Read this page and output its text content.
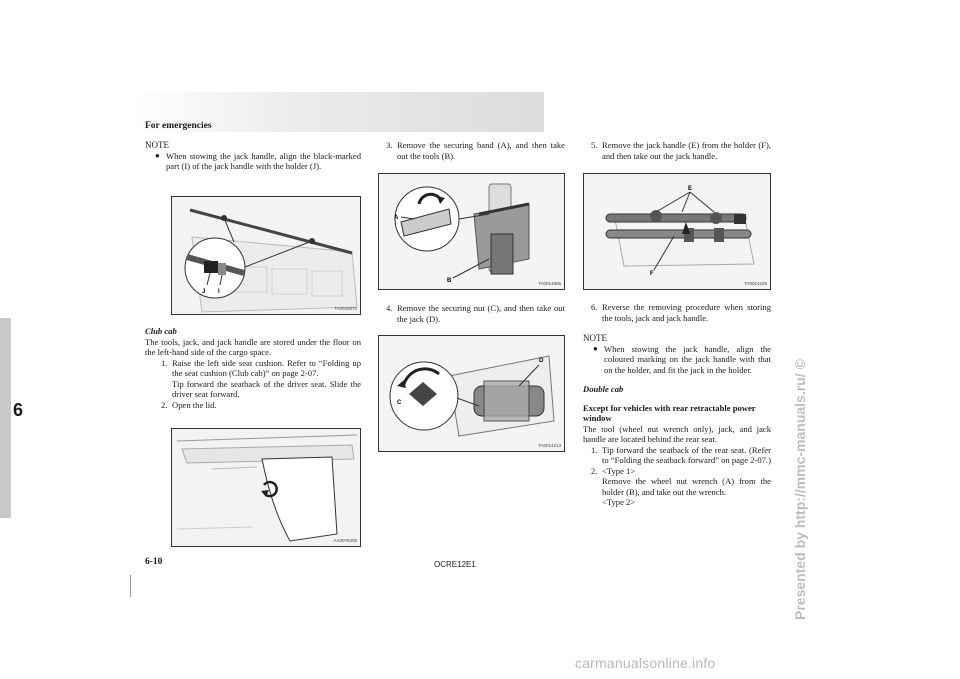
For emergencies
6	Presented by http://mmc-manuals.ru/ ©

NOTE

● When stowing the jack handle, align the black-marked part (I) of the jack handle with the holder (J).
J I
TA0020670

Club cab

The tools, jack, and jack handle are stored under the floor on the left-hand side of the cargo space.

1. Raise the left side seat cushion. Refer to “Folding up the seat cushion (Club cab)” on page 2-07.

Tip forward the seatback of the driver seat. Slide the driver seat forward.

2. Open the lid.
AA0076405
3. Remove the securing band (A), and then take out the tools (B).
A
B	TA0014806
4. Remove the securing nut (C), and then take out the jack (D).
C
D
TA0014213
5. Remove the jack handle (E) from the holder (F), and then take out the jack handle.
E
F
TA0014226
6. Reverse the removing procedure when storing the tools, jack and jack handle.

NOTE

● When stowing the jack handle, align the coloured marking on the jack handle with that on the holder, and fit the jack in the holder.

Double cab

Except for vehicles with rear retractable power window

The tool (wheel nut wrench only), jack, and jack handle are located behind the rear seat.

1. Tip forward the seatback of the rear seat. (Refer to “Folding the seatback forward” on page 2-07.)
2. <Type 1>

Remove the wheel nut wrench (A) from the holder (B), and take out the wrench.

<Type 2>

6-10	OCRE12E1
carmanualsonline.info
